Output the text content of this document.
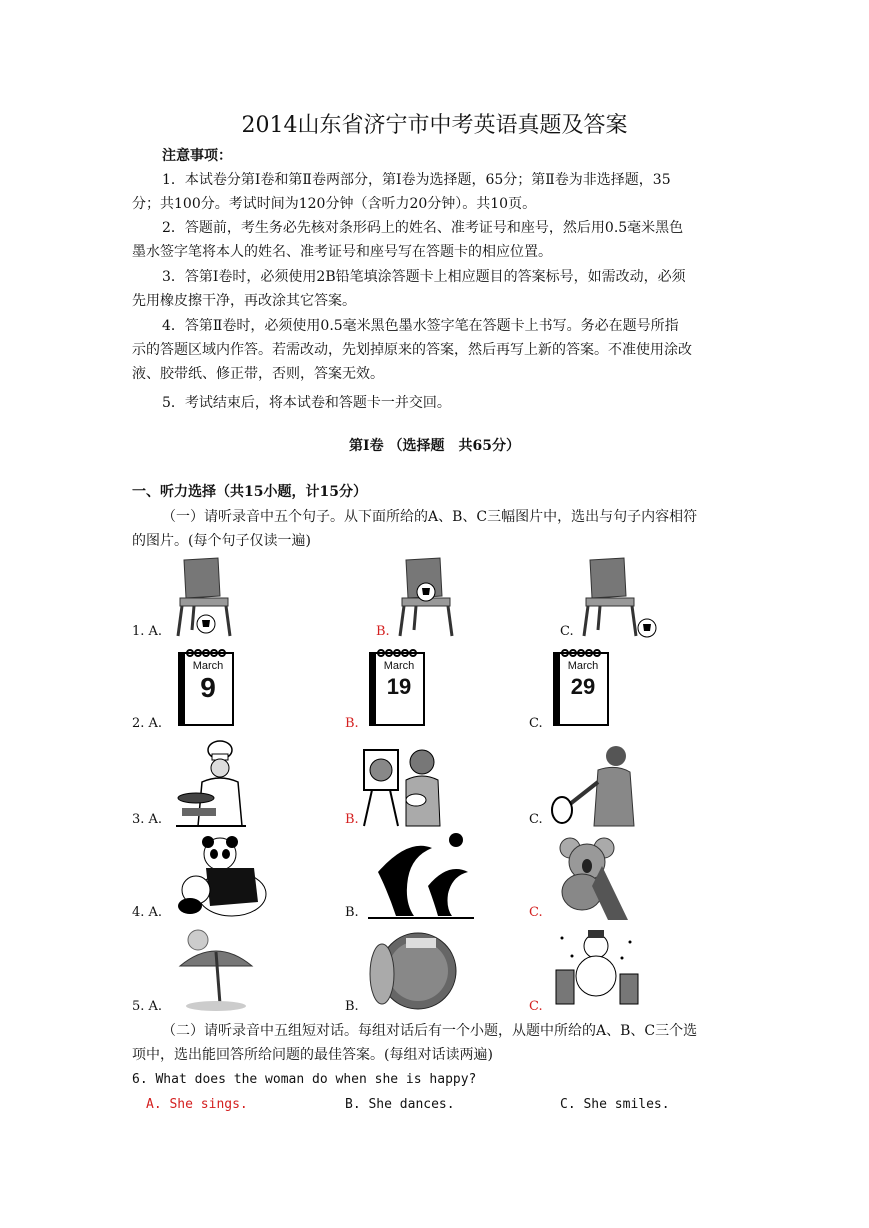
2014山东省济宁市中考英语真题及答案
注意事项：
1．本试卷分第Ⅰ卷和第Ⅱ卷两部分，第Ⅰ卷为选择题，65分；第Ⅱ卷为非选择题，35
分；共100分。考试时间为120分钟（含听力20分钟）。共10页。
2．答题前，考生务必先核对条形码上的姓名、准考证号和座号，然后用0.5毫米黑色
墨水签字笔将本人的姓名、准考证号和座号写在答题卡的相应位置。
3．答第Ⅰ卷时，必须使用2B铅笔填涂答题卡上相应题目的答案标号，如需改动，必须
先用橡皮擦干净，再改涂其它答案。
4．答第Ⅱ卷时，必须使用0.5毫米黑色墨水签字笔在答题卡上书写。务必在题号所指
示的答题区域内作答。若需改动，先划掉原来的答案，然后再写上新的答案。不准使用涂改
液、胶带纸、修正带，否则，答案无效。
5．考试结束后，将本试卷和答题卡一并交回。
第Ⅰ卷 （选择题　共65分）
一、听力选择（共15小题，计15分）
（一）请听录音中五个句子。从下面所给的A、B、C三幅图片中，选出与句子内容相符
的图片。(每个句子仅读一遍)
1. A.	B.	C.
2. A.	B.	C.
March
9
March
19
March
29
3. A.	B.	C.
4. A.	B.	C.
5. A.	B.	C.
（二）请听录音中五组短对话。每组对话后有一个小题，从题中所给的A、B、C三个选
项中，选出能回答所给问题的最佳答案。(每组对话读两遍)
6. What does the woman do when she is happy?
A. She sings.	B. She dances.	C. She smiles.
